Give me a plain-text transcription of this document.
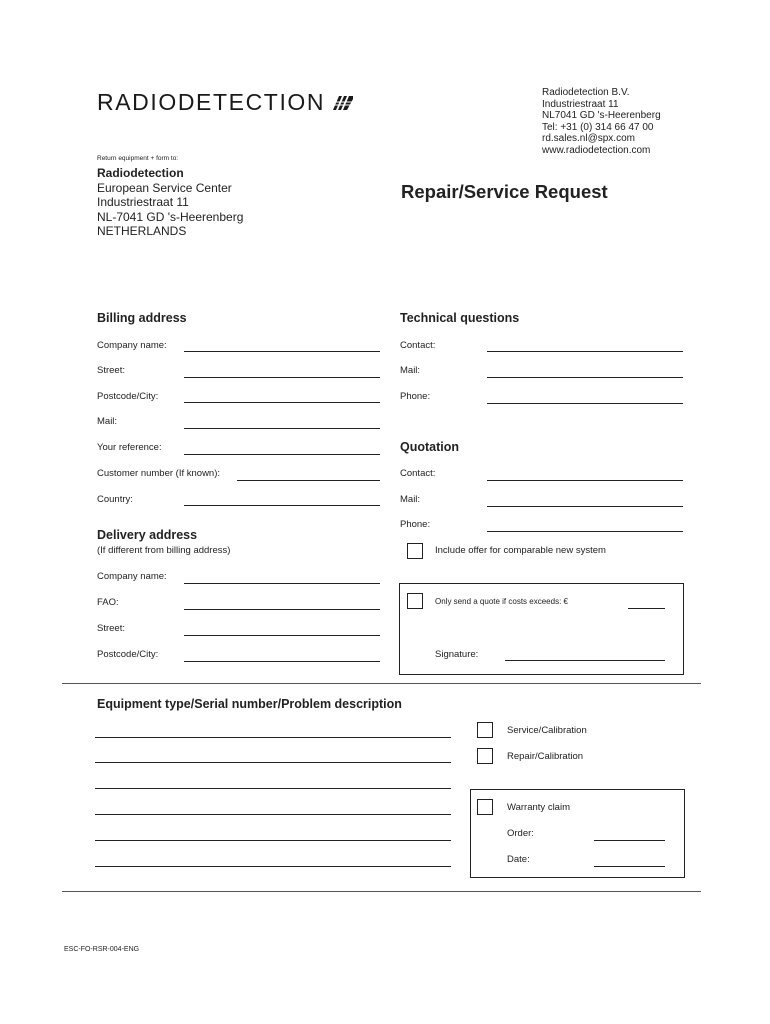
RADIODETECTION	Radiodetection B.V.
Industriestraat 11
NL7041 GD 's-Heerenberg
Tel: +31 (0) 314 66 47 00
rd.sales.nl@spx.com
www.radiodetection.com
Return equipment + form to:
Radiodetection
European Service Center
Industriestraat 11
NL-7041 GD 's-Heerenberg
NETHERLANDS
Repair/Service Request
Billing address
Company name:
Street:
Postcode/City:
Mail:
Your reference:
Customer number (If known):
Country:
Technical questions
Contact:
Mail:
Phone:
Quotation
Contact:
Mail:
Phone:
Include offer for comparable new system
Only send a quote if costs exceeds: €
Signature:
Delivery address
(If different from billing address)
Company name:
FAO:
Street:
Postcode/City:
Equipment type/Serial number/Problem description
Service/Calibration
Repair/Calibration
Warranty claim
Order:
Date:
ESC-FO-RSR-004-ENG
